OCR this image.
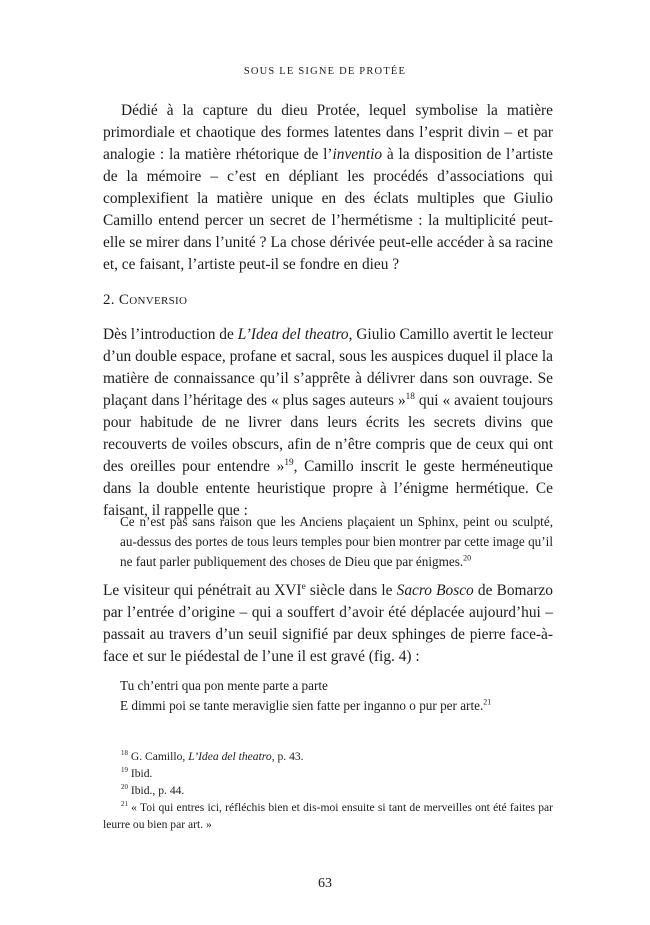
SOUS LE SIGNE DE PROTÉE

Dédié à la capture du dieu Protée, lequel symbolise la matière primordiale et chaotique des formes latentes dans l’esprit divin – et par analogie : la matière rhétorique de l’inventio à la disposition de l’artiste de la mémoire – c’est en dépliant les procédés d’associations qui complexifient la matière unique en des éclats multiples que Giulio Camillo entend percer un secret de l’hermétisme : la multiplicité peut-elle se mirer dans l’unité ? La chose dérivée peut-elle accéder à sa racine et, ce faisant, l’artiste peut-il se fondre en dieu ?

2. Conversio

Dès l’introduction de L’Idea del theatro, Giulio Camillo avertit le lecteur d’un double espace, profane et sacral, sous les auspices duquel il place la matière de connaissance qu’il s’apprête à délivrer dans son ouvrage. Se plaçant dans l’héritage des « plus sages auteurs »$^{18}$ qui « avaient toujours pour habitude de ne livrer dans leurs écrits les secrets divins que recouverts de voiles obscurs, afin de n’être compris que de ceux qui ont des oreilles pour entendre »$^{19}$, Camillo inscrit le geste herméneutique dans la double entente heuristique propre à l’énigme hermétique. Ce faisant, il rappelle que :

Ce n’est pas sans raison que les Anciens plaçaient un Sphinx, peint ou sculpté, au-dessus des portes de tous leurs temples pour bien montrer par cette image qu’il ne faut parler publiquement des choses de Dieu que par énigmes.$^{20}$

Le visiteur qui pénétrait au XVIe siècle dans le Sacro Bosco de Bomarzo par l’entrée d’origine – qui a souffert d’avoir été déplacée aujourd’hui – passait au travers d’un seuil signifié par deux sphinges de pierre face-à-face et sur le piédestal de l’une il est gravé (fig. 4) :

Tu ch’entri qua pon mente parte a parte
E dimmi poi se tante meraviglie sien fatte per inganno o pur per arte.$^{21}$

$^{18}$ G. Camillo, L’Idea del theatro, p. 43.

$^{19}$ Ibid.

$^{20}$ Ibid., p. 44.

$^{21}$ « Toi qui entres ici, réfléchis bien et dis-moi ensuite si tant de merveilles ont été faites par leurre ou bien par art. »

63
